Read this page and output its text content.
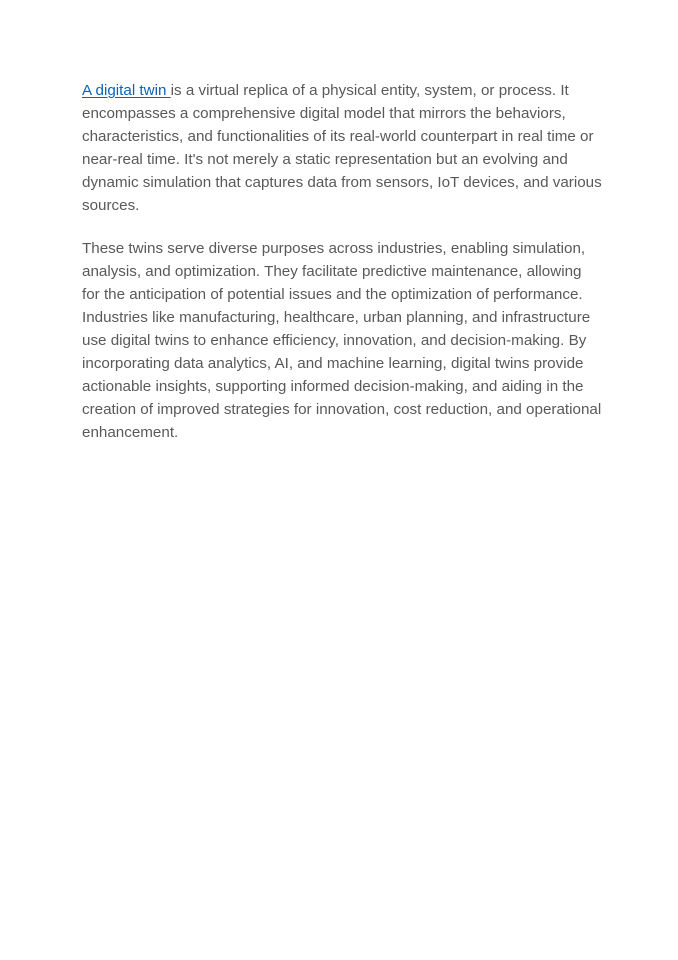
A digital twin is a virtual replica of a physical entity, system, or process. It encompasses a comprehensive digital model that mirrors the behaviors, characteristics, and functionalities of its real-world counterpart in real time or near-real time. It's not merely a static representation but an evolving and dynamic simulation that captures data from sensors, IoT devices, and various sources.

These twins serve diverse purposes across industries, enabling simulation, analysis, and optimization. They facilitate predictive maintenance, allowing for the anticipation of potential issues and the optimization of performance. Industries like manufacturing, healthcare, urban planning, and infrastructure use digital twins to enhance efficiency, innovation, and decision-making. By incorporating data analytics, AI, and machine learning, digital twins provide actionable insights, supporting informed decision-making, and aiding in the creation of improved strategies for innovation, cost reduction, and operational enhancement.
